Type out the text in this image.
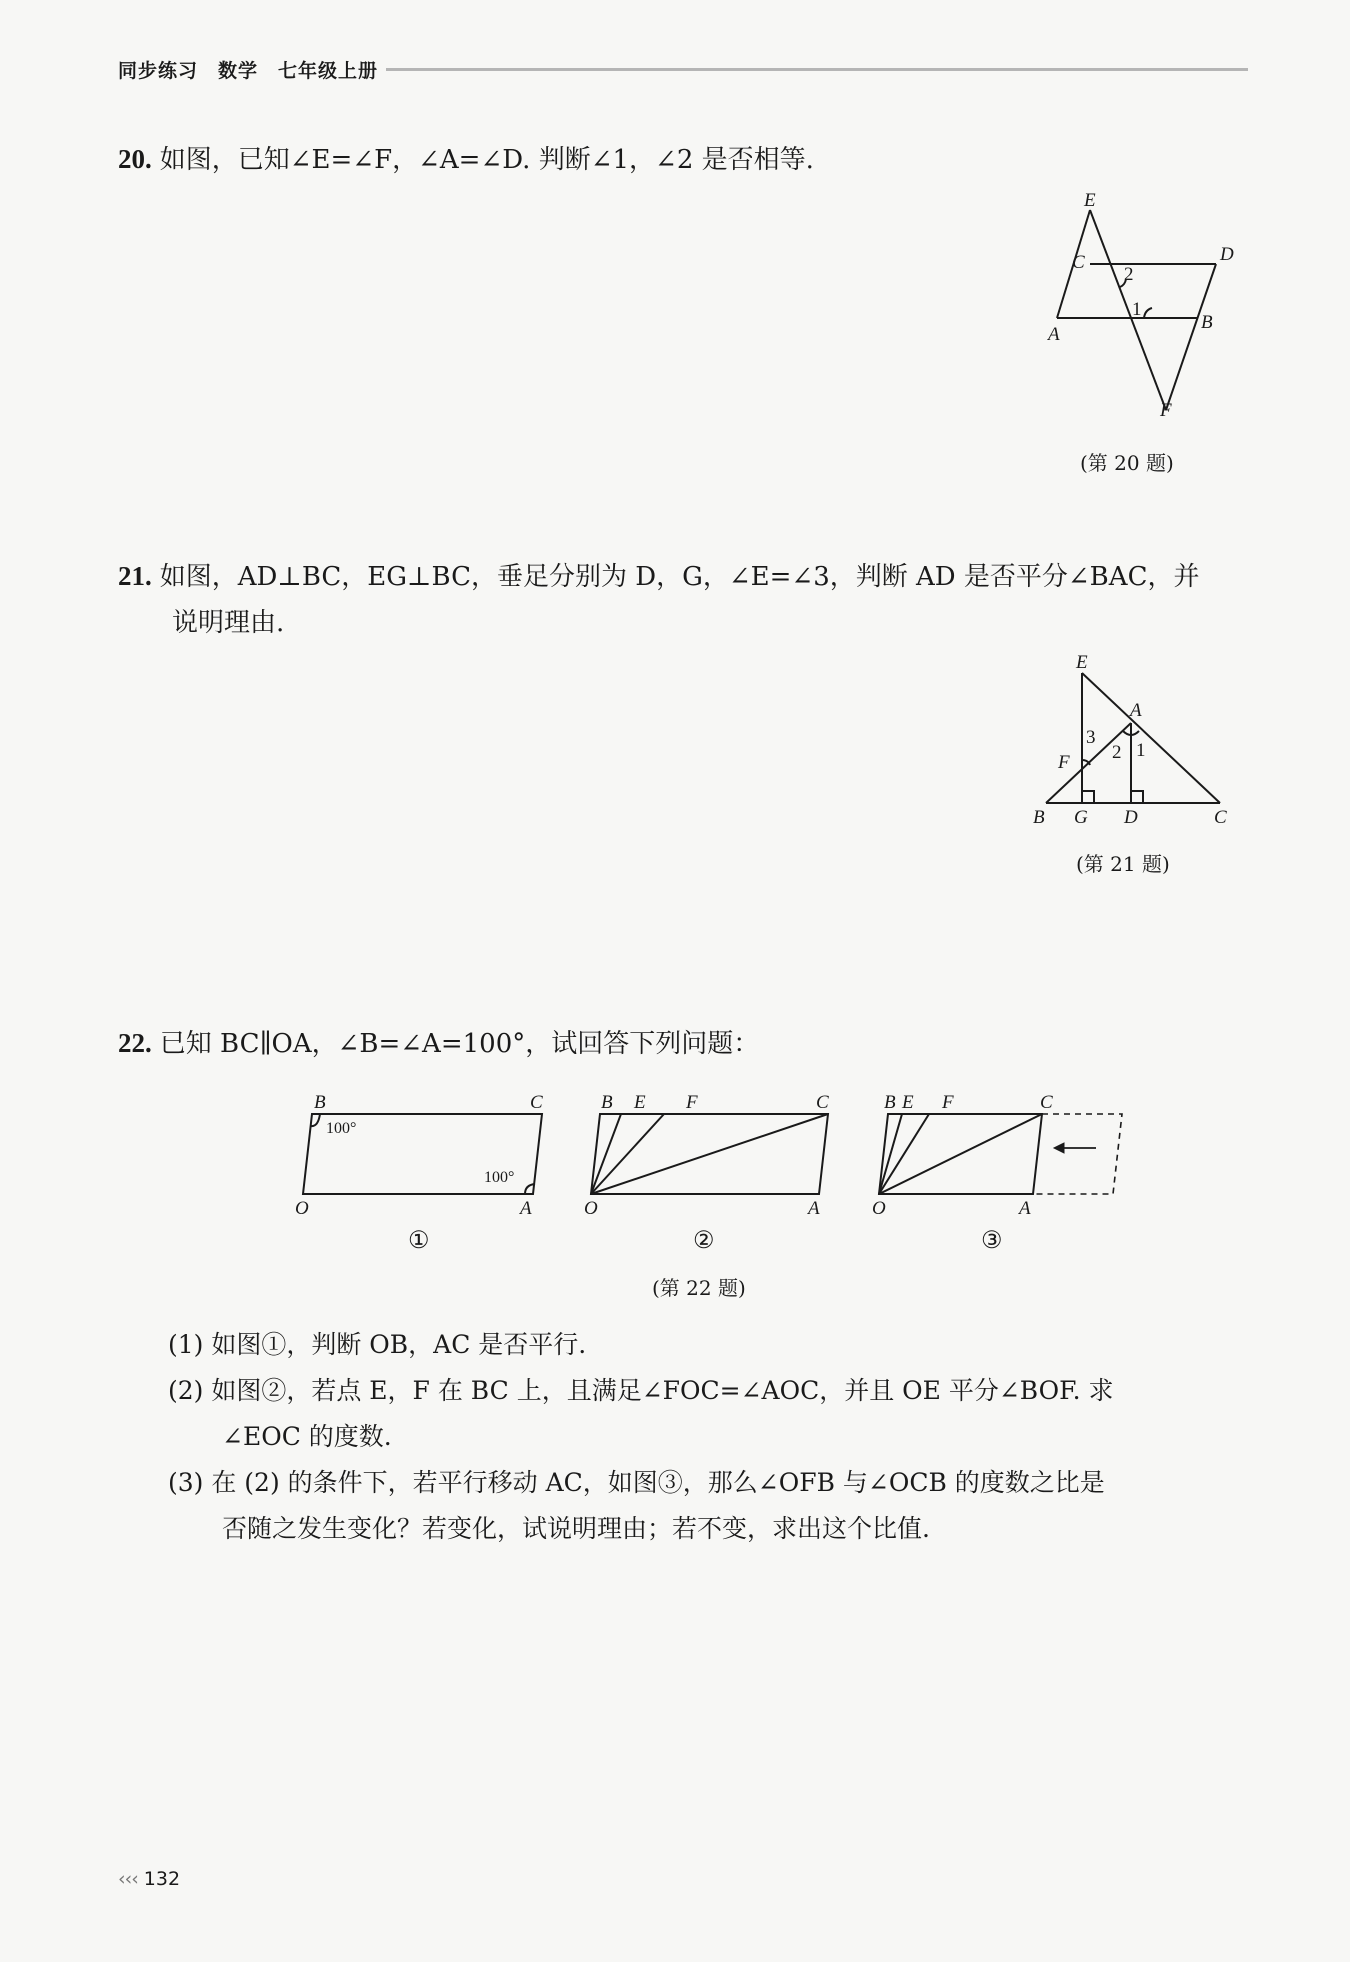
同步练习　数学　七年级上册
20. 如图，已知∠E=∠F，∠A=∠D. 判断∠1，∠2 是否相等.
E
C	D
A
B
F
2
1
(第 20 题)
21. 如图，AD⊥BC，EG⊥BC，垂足分别为 D，G，∠E=∠3，判断 AD 是否平分∠BAC，并
说明理由.
E
A
F
B G D	C
3
2 1
(第 21 题)
22. 已知 BC∥OA，∠B=∠A=100°，试回答下列问题：
B	C
O	A
100°
100°
①
B E F	C
O	A
②
B E F	C
O	A
③
(第 22 题)
(1) 如图①，判断 OB，AC 是否平行.
(2) 如图②，若点 E，F 在 BC 上，且满足∠FOC=∠AOC，并且 OE 平分∠BOF. 求
∠EOC 的度数.
(3) 在 (2) 的条件下，若平行移动 AC，如图③，那么∠OFB 与∠OCB 的度数之比是
否随之发生变化？若变化，试说明理由；若不变，求出这个比值.
‹‹‹ 132
